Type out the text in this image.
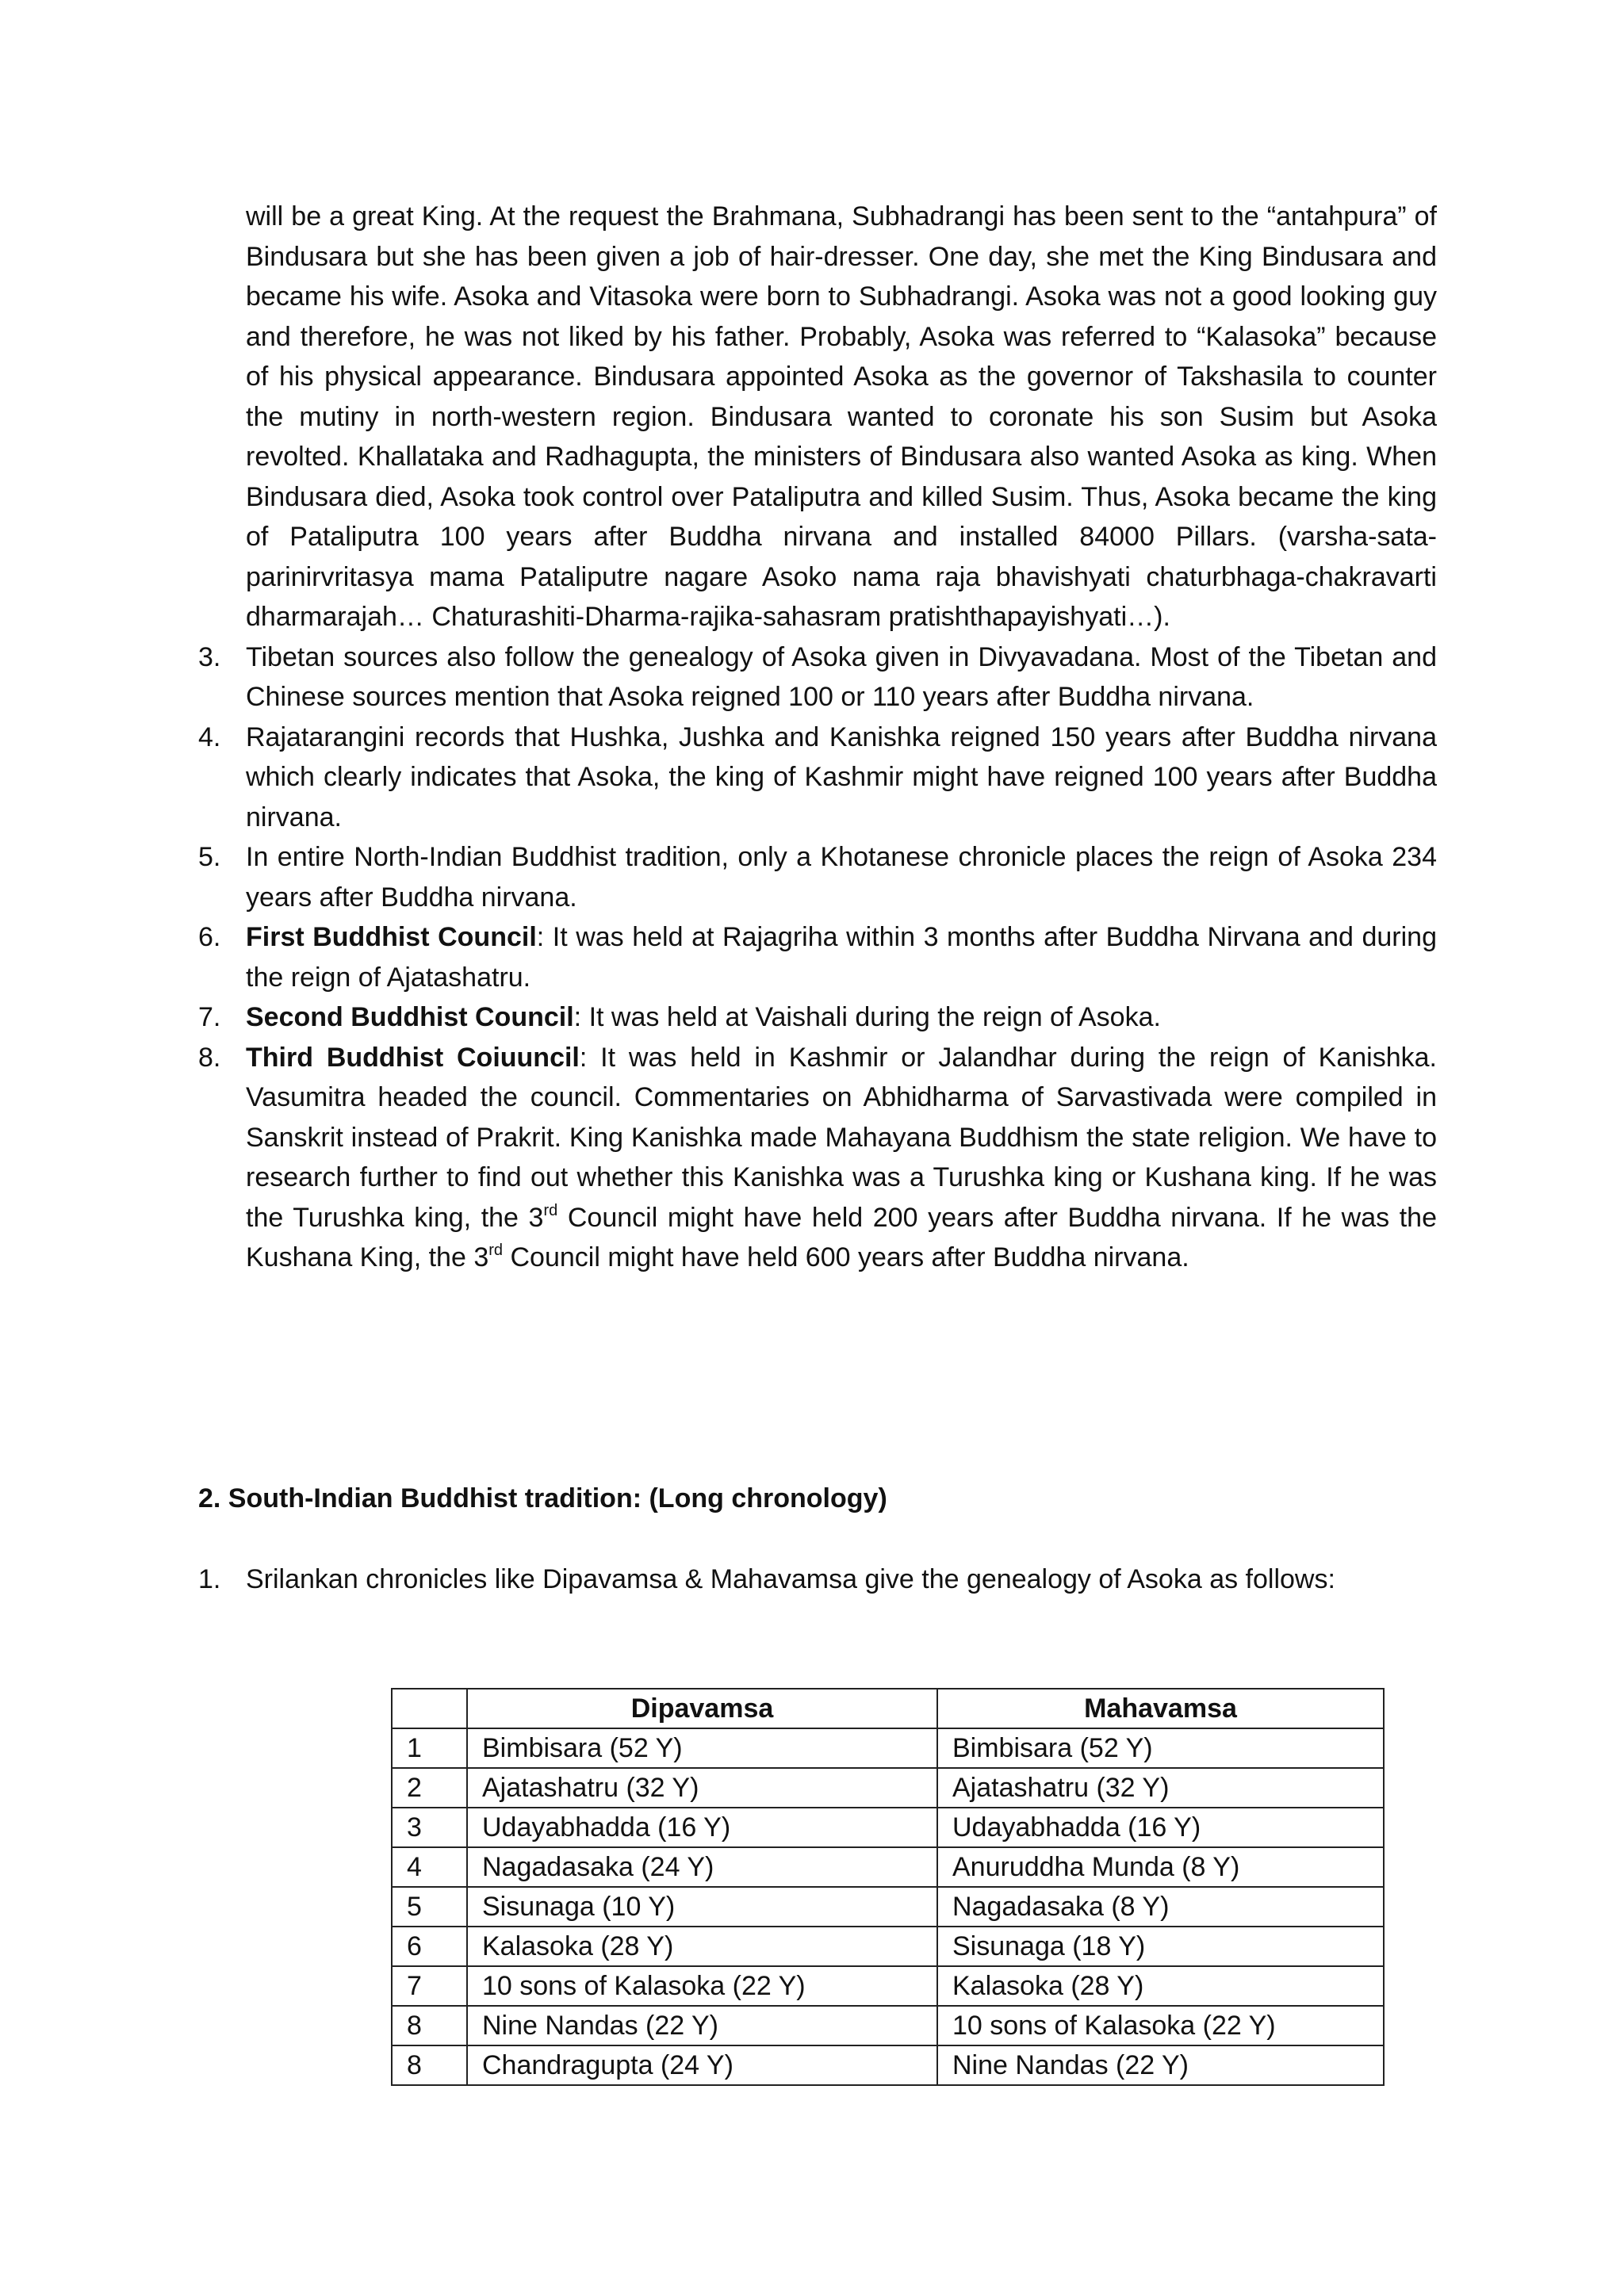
will be a great King. At the request the Brahmana, Subhadrangi has been sent to the “antahpura” of Bindusara but she has been given a job of hair-dresser. One day, she met the King Bindusara and became his wife. Asoka and Vitasoka were born to Subhadrangi. Asoka was not a good looking guy and therefore, he was not liked by his father. Probably, Asoka was referred to “Kalasoka” because of his physical appearance. Bindusara appointed Asoka as the governor of Takshasila to counter the mutiny in north-western region. Bindusara wanted to coronate his son Susim but Asoka revolted. Khallataka and Radhagupta, the ministers of Bindusara also wanted Asoka as king. When Bindusara died, Asoka took control over Pataliputra and killed Susim. Thus, Asoka became the king of Pataliputra 100 years after Buddha nirvana and installed 84000 Pillars. (varsha-sata-parinirvritasya mama Pataliputre nagare Asoko nama raja bhavishyati chaturbhaga-chakravarti dharmarajah… Chaturashiti-Dharma-rajika-sahasram pratishthapayishyati…).

3. Tibetan sources also follow the genealogy of Asoka given in Divyavadana. Most of the Tibetan and Chinese sources mention that Asoka reigned 100 or 110 years after Buddha nirvana.
4. Rajatarangini records that Hushka, Jushka and Kanishka reigned 150 years after Buddha nirvana which clearly indicates that Asoka, the king of Kashmir might have reigned 100 years after Buddha nirvana.
5. In entire North-Indian Buddhist tradition, only a Khotanese chronicle places the reign of Asoka 234 years after Buddha nirvana.
6. First Buddhist Council: It was held at Rajagriha within 3 months after Buddha Nirvana and during the reign of Ajatashatru.
7. Second Buddhist Council: It was held at Vaishali during the reign of Asoka.
8. Third Buddhist Coiuuncil: It was held in Kashmir or Jalandhar during the reign of Kanishka. Vasumitra headed the council. Commentaries on Abhidharma of Sarvastivada were compiled in Sanskrit instead of Prakrit. King Kanishka made Mahayana Buddhism the state religion. We have to research further to find out whether this Kanishka was a Turushka king or Kushana king. If he was the Turushka king, the 3rd Council might have held 200 years after Buddha nirvana. If he was the Kushana King, the 3rd Council might have held 600 years after Buddha nirvana.
2. South-Indian Buddhist tradition: (Long chronology)
1. Srilankan chronicles like Dipavamsa & Mahavamsa give the genealogy of Asoka as follows:
	Dipavamsa	Mahavamsa
1	Bimbisara (52 Y)	Bimbisara (52 Y)
2	Ajatashatru (32 Y)	Ajatashatru (32 Y)
3	Udayabhadda (16 Y)	Udayabhadda (16 Y)
4	Nagadasaka (24 Y)	Anuruddha Munda (8 Y)
5	Sisunaga (10 Y)	Nagadasaka (8 Y)
6	Kalasoka (28 Y)	Sisunaga (18 Y)
7	10 sons of Kalasoka (22 Y)	Kalasoka (28 Y)
8	Nine Nandas (22 Y)	10 sons of Kalasoka (22 Y)
8	Chandragupta (24 Y)	Nine Nandas (22 Y)
